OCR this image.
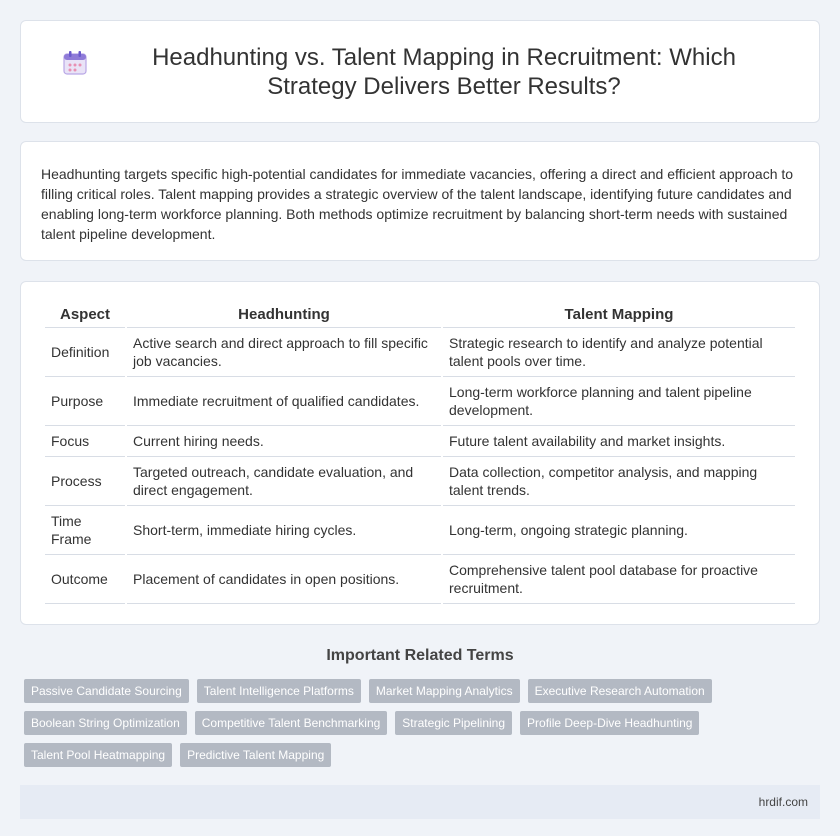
Headhunting vs. Talent Mapping in Recruitment: Which Strategy Delivers Better Results?

Headhunting targets specific high-potential candidates for immediate vacancies, offering a direct and efficient approach to filling critical roles. Talent mapping provides a strategic overview of the talent landscape, identifying future candidates and enabling long-term workforce planning. Both methods optimize recruitment by balancing short-term needs with sustained talent pipeline development.

Aspect	Headhunting	Talent Mapping
Definition	Active search and direct approach to fill specific job vacancies.	Strategic research to identify and analyze potential talent pools over time.
Purpose	Immediate recruitment of qualified candidates.	Long-term workforce planning and talent pipeline development.
Focus	Current hiring needs.	Future talent availability and market insights.
Process	Targeted outreach, candidate evaluation, and direct engagement.	Data collection, competitor analysis, and mapping talent trends.
Time Frame	Short-term, immediate hiring cycles.	Long-term, ongoing strategic planning.
Outcome	Placement of candidates in open positions.	Comprehensive talent pool database for proactive recruitment.
Important Related Terms
Passive Candidate Sourcing	Talent Intelligence Platforms	Market Mapping Analytics	Executive Research Automation
Boolean String Optimization	Competitive Talent Benchmarking	Strategic Pipelining	Profile Deep-Dive Headhunting
Talent Pool Heatmapping	Predictive Talent Mapping
hrdif.com
